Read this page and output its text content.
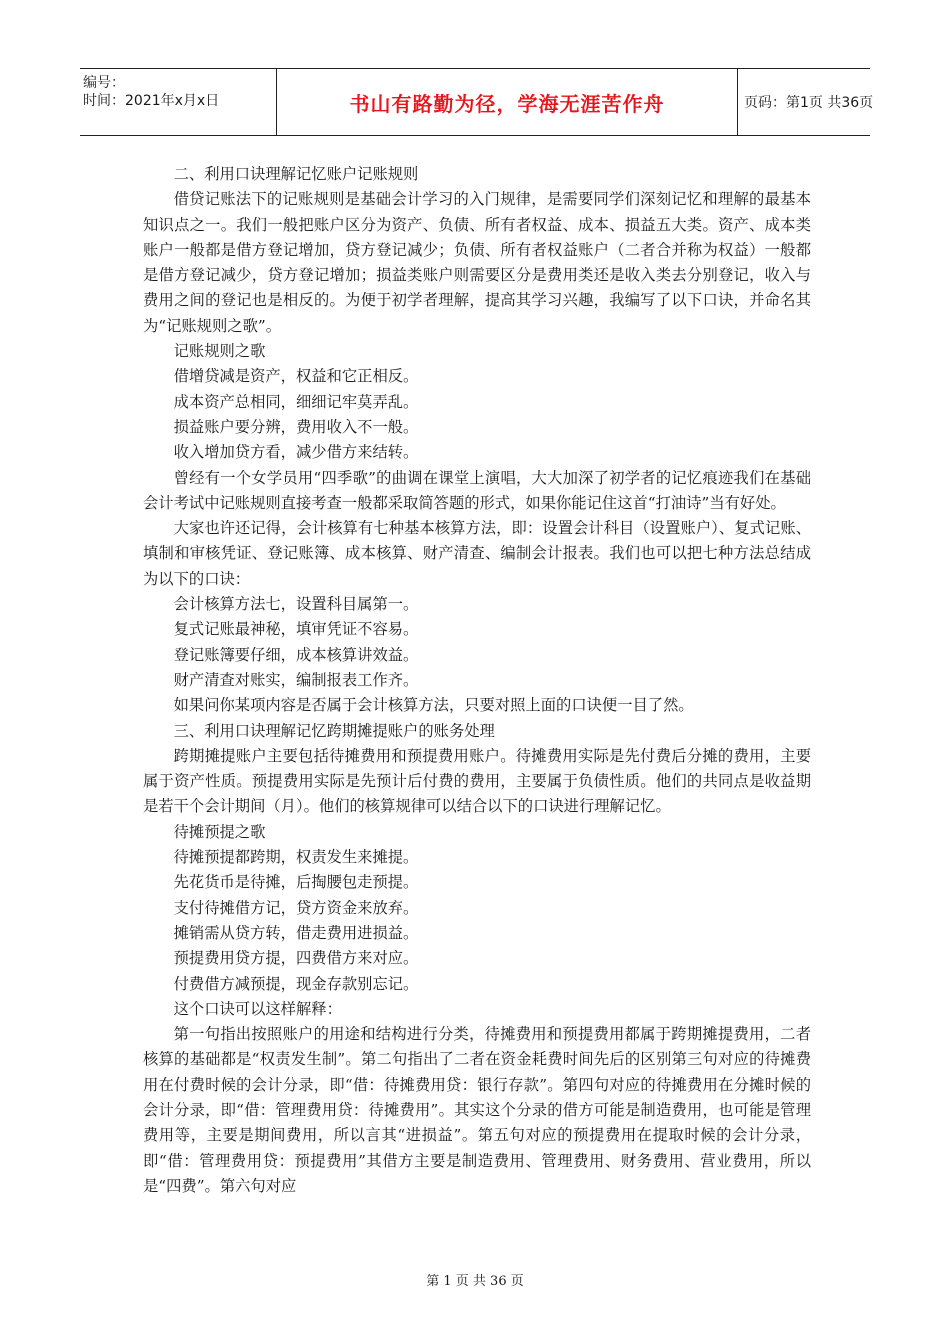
编号：
时间：2021年x月x日	书山有路勤为径，学海无涯苦作舟	页码：第1页 共36页

二、利用口诀理解记忆账户记账规则

借贷记账法下的记账规则是基础会计学习的入门规律，是需要同学们深刻记忆和理解的最基本知识点之一。我们一般把账户区分为资产、负债、所有者权益、成本、损益五大类。资产、成本类账户一般都是借方登记增加，贷方登记减少；负债、所有者权益账户（二者合并称为权益）一般都是借方登记减少，贷方登记增加；损益类账户则需要区分是费用类还是收入类去分别登记，收入与费用之间的登记也是相反的。为便于初学者理解，提高其学习兴趣，我编写了以下口诀，并命名其为“记账规则之歌”。

记账规则之歌

借增贷减是资产，权益和它正相反。

成本资产总相同，细细记牢莫弄乱。

损益账户要分辨，费用收入不一般。

收入增加贷方看，减少借方来结转。

曾经有一个女学员用“四季歌”的曲调在课堂上演唱，大大加深了初学者的记忆痕迹我们在基础会计考试中记账规则直接考查一般都采取简答题的形式，如果你能记住这首“打油诗”当有好处。

大家也许还记得，会计核算有七种基本核算方法，即：设置会计科目（设置账户）、复式记账、填制和审核凭证、登记账簿、成本核算、财产清查、编制会计报表。我们也可以把七种方法总结成为以下的口诀：

会计核算方法七，设置科目属第一。

复式记账最神秘，填审凭证不容易。

登记账簿要仔细，成本核算讲效益。

财产清查对账实，编制报表工作齐。

如果问你某项内容是否属于会计核算方法，只要对照上面的口诀便一目了然。

三、利用口诀理解记忆跨期摊提账户的账务处理

跨期摊提账户主要包括待摊费用和预提费用账户。待摊费用实际是先付费后分摊的费用，主要属于资产性质。预提费用实际是先预计后付费的费用，主要属于负债性质。他们的共同点是收益期是若干个会计期间（月）。他们的核算规律可以结合以下的口诀进行理解记忆。

待摊预提之歌

待摊预提都跨期，权责发生来摊提。

先花货币是待摊，后掏腰包走预提。

支付待摊借方记，贷方资金来放弃。

摊销需从贷方转，借走费用进损益。

预提费用贷方提，四费借方来对应。

付费借方减预提，现金存款别忘记。

这个口诀可以这样解释：

第一句指出按照账户的用途和结构进行分类，待摊费用和预提费用都属于跨期摊提费用，二者核算的基础都是“权责发生制”。第二句指出了二者在资金耗费时间先后的区别第三句对应的待摊费用在付费时候的会计分录，即“借：待摊费用贷：银行存款”。第四句对应的待摊费用在分摊时候的会计分录，即“借：管理费用贷：待摊费用”。其实这个分录的借方可能是制造费用，也可能是管理费用等，主要是期间费用，所以言其“进损益”。第五句对应的预提费用在提取时候的会计分录，即“借：管理费用贷：预提费用”其借方主要是制造费用、管理费用、财务费用、营业费用，所以是“四费”。第六句对应

第 1 页 共 36 页
